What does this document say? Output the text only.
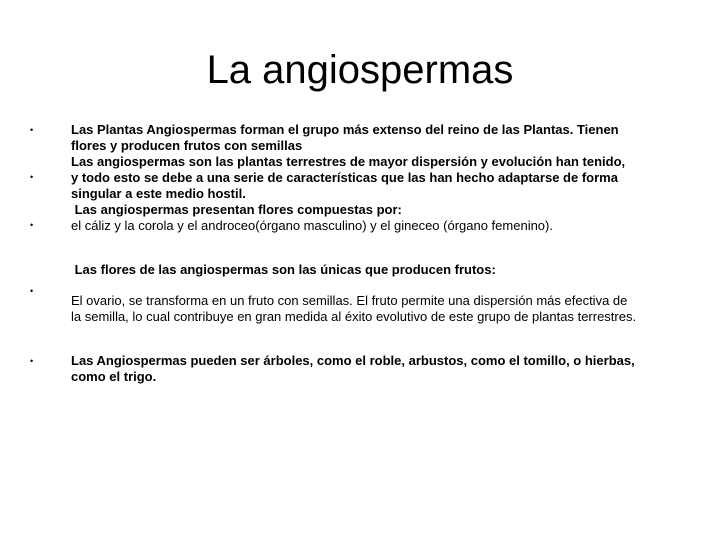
La angiospermas
•
•
•
•
•
Las Plantas Angiospermas forman el grupo más extenso del reino de las Plantas. Tienen
flores y producen frutos con semillas
Las angiospermas son las plantas terrestres de mayor dispersión y evolución han tenido,
y todo esto se debe a una serie de características que las han hecho adaptarse de forma
singular a este medio hostil.
Las angiospermas presentan flores compuestas por:
el cáliz y la corola y el androceo(órgano masculino) y el gineceo (órgano femenino).
Las flores de las angiospermas son las únicas que producen frutos:
El ovario, se transforma en un fruto con semillas. El fruto permite una dispersión más efectiva de
la semilla, lo cual contribuye en gran medida al éxito evolutivo de este grupo de plantas terrestres.
Las Angiospermas pueden ser árboles, como el roble, arbustos, como el tomillo, o hierbas,
como el trigo.
